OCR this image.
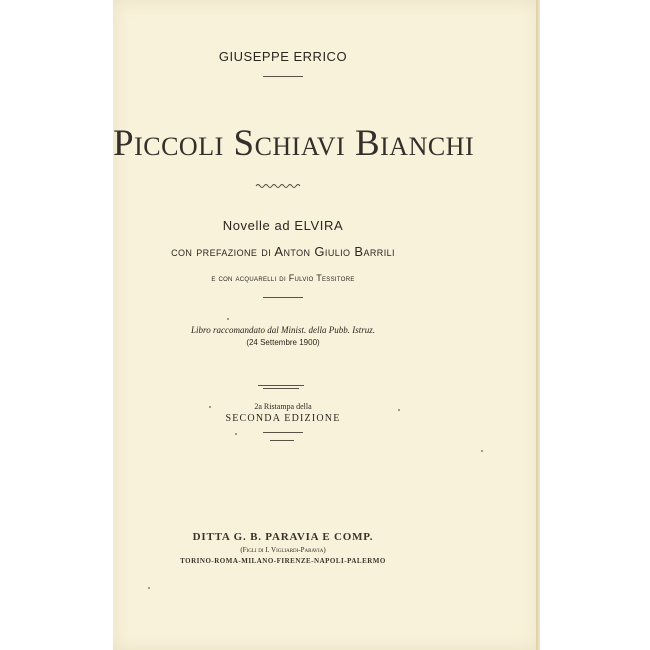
GIUSEPPE ERRICO
Piccoli Schiavi Bianchi
Novelle ad ELVIRA
con prefazione di Anton Giulio Barrili
e con acquarelli di Fulvio Tessitore
Libro raccomandato dal Minist. della Pubb. Istruz.
(24 Settembre 1900)
2a Ristampa della
SECONDA EDIZIONE
DITTA G. B. PARAVIA E COMP.
(Figli di I. Vigliardi-Paravia)
TORINO-ROMA-MILANO-FIRENZE-NAPOLI-PALERMO
